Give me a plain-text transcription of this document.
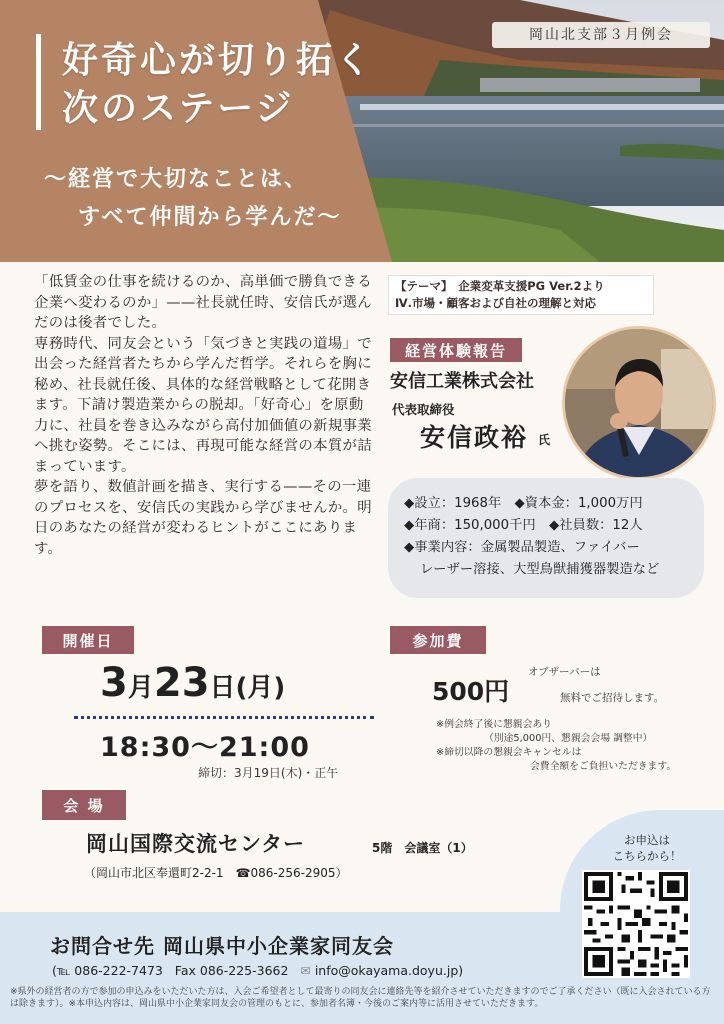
好奇心が切り拓く
次のステージ
〜経営で大切なことは、
すべて仲間から学んだ〜
岡山北支部３月例会

「低賃金の仕事を続けるのか、高単価で勝負できる企業へ変わるのか」——社長就任時、安信氏が選んだのは後者でした。

専務時代、同友会という「気づきと実践の道場」で出会った経営者たちから学んだ哲学。それらを胸に秘め、社長就任後、具体的な経営戦略として花開きます。下請け製造業からの脱却。「好奇心」を原動力に、社員を巻き込みながら高付加価値の新規事業へ挑む姿勢。そこには、再現可能な経営の本質が詰まっています。

夢を語り、数値計画を描き、実行する——その一連のプロセスを、安信氏の実践から学びませんか。明日のあなたの経営が変わるヒントがここにあります。

【テーマ】　 企業変革支援PG Ver.2より
Ⅳ.市場・顧客および自社の理解と対応
経営体験報告
安信工業株式会社
代表取締役
安信政裕 氏
◆設立：1968年　◆資本金：1,000万円
◆年商：150,000千円　◆社員数：12人
◆事業内容：金属製品製造、ファイバー
レーザー溶接、大型鳥獣捕獲器製造など
開催日
3月23日(月)
18:30〜21:00
締切：3月19日(木)・正午
参加費
500円
オブザーバーは
無料でご招待します。
※例会終了後に懇親会あり
（別途5,000円、懇親会会場 調整中）
※締切以降の懇親会キャンセルは
会費全額をご負担いただきます。
会 場
岡山国際交流センター	5階　会議室（1）
（岡山市北区奉還町2-2-1　☎086-256-2905）
お申込は
こちらから！
お問合せ先 岡山県中小企業家同友会
(℡ 086-222-7473 Fax 086-225-3662 ✉ info@okayama.doyu.jp)
※県外の経営者の方で参加の申込みをいただいた方は、入会ご希望者として最寄りの同友会に連絡先等を紹介させていただきますのでご了承ください（既に入会されている方は除きます）。※本申込内容は、岡山県中小企業家同友会の管理のもとに、参加者名簿・今後のご案内等に活用させていただきます。
